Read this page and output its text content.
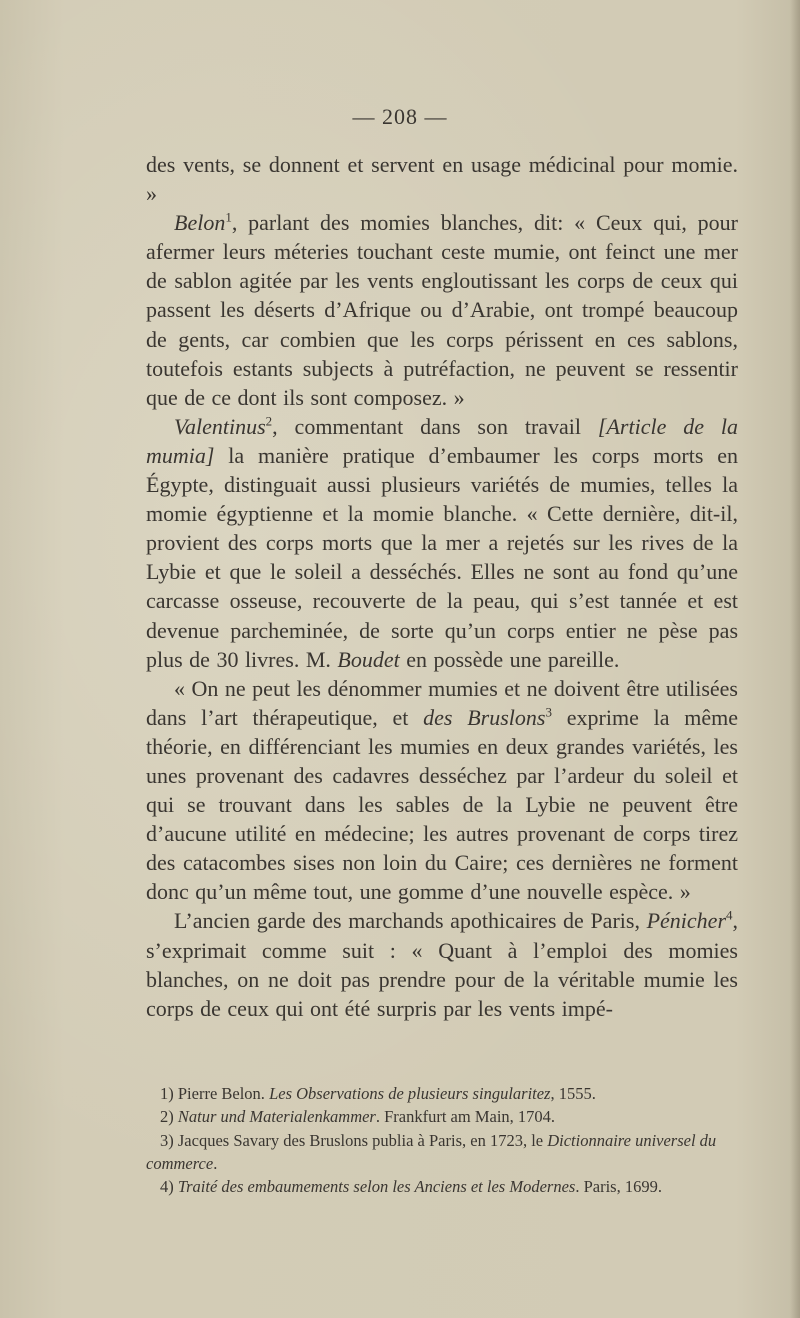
— 208 —

des vents, se donnent et servent en usage médicinal pour momie. »

Belon$^1$, parlant des momies blanches, dit: « Ceux qui, pour afermer leurs méteries touchant ceste mumie, ont feinct une mer de sablon agitée par les vents engloutissant les corps de ceux qui passent les déserts d’Afrique ou d’Arabie, ont trompé beaucoup de gents, car combien que les corps périssent en ces sablons, toutefois estants subjects à putréfaction, ne peuvent se ressentir que de ce dont ils sont composez. »

Valentinus$^2$, commentant dans son travail [Article de la mumia] la manière pratique d’embaumer les corps morts en Égypte, distinguait aussi plusieurs variétés de mumies, telles la momie égyptienne et la momie blanche. « Cette dernière, dit-il, provient des corps morts que la mer a rejetés sur les rives de la Lybie et que le soleil a desséchés. Elles ne sont au fond qu’une carcasse osseuse, recouverte de la peau, qui s’est tannée et est devenue parcheminée, de sorte qu’un corps entier ne pèse pas plus de 30 livres. M. Boudet en possède une pareille.

« On ne peut les dénommer mumies et ne doivent être utilisées dans l’art thérapeutique, et des Bruslons$^3$ exprime la même théorie, en différenciant les mumies en deux grandes variétés, les unes provenant des cadavres desséchez par l’ardeur du soleil et qui se trouvant dans les sables de la Lybie ne peuvent être d’aucune utilité en médecine; les autres provenant de corps tirez des catacombes sises non loin du Caire; ces dernières ne forment donc qu’un même tout, une gomme d’une nouvelle espèce. »

L’ancien garde des marchands apothicaires de Paris, Pénicher$^4$, s’exprimait comme suit : « Quant à l’emploi des momies blanches, on ne doit pas prendre pour de la véritable mumie les corps de ceux qui ont été surpris par les vents impé-

1) Pierre Belon. Les Observations de plusieurs singularitez, 1555.

2) Natur und Materialenkammer. Frankfurt am Main, 1704.

3) Jacques Savary des Bruslons publia à Paris, en 1723, le Dictionnaire universel du commerce.

4) Traité des embaumements selon les Anciens et les Modernes. Paris, 1699.
